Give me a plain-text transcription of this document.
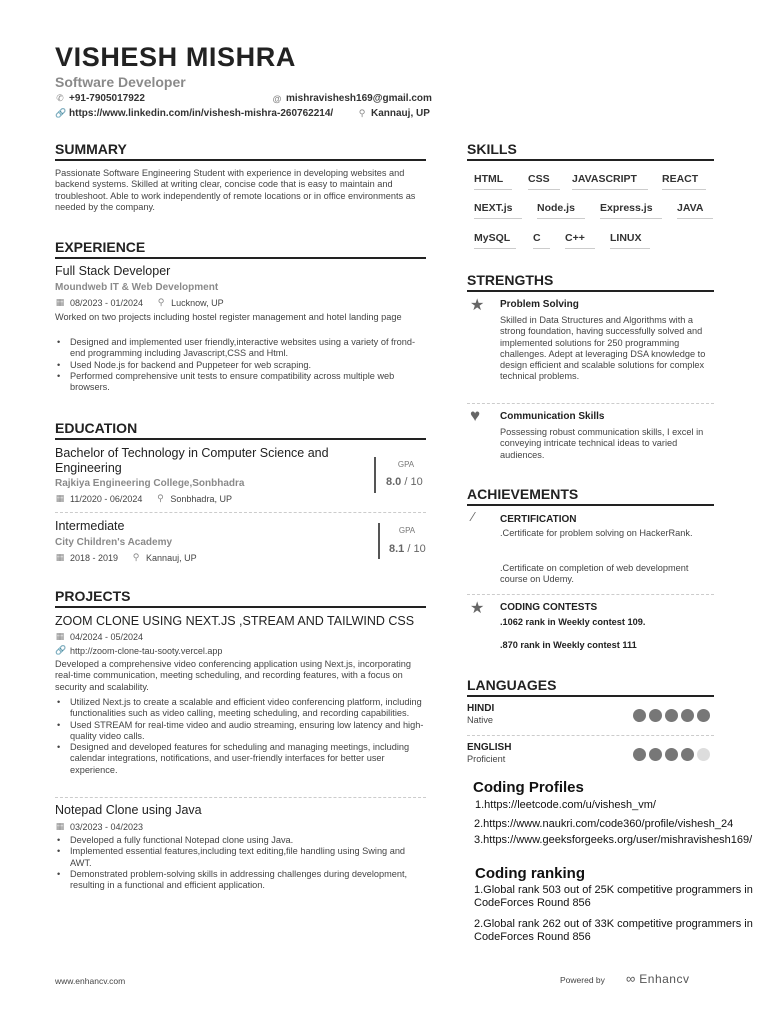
VISHESH MISHRA
Software Developer
✆ +91-7905017922	@ mishravishesh169@gmail.com
🔗 https://www.linkedin.com/in/vishesh-mishra-260762214/	⚲ Kannauj, UP
SUMMARY
Passionate Software Engineering Student with experience in developing websites and backend systems. Skilled at writing clear, concise code that is easy to maintain and troubleshoot. Able to work independently of remote locations or in office environments as needed by the company.
EXPERIENCE
Full Stack Developer
Moundweb IT & Web Development
▦ 08/2023 - 01/2024 ⚲ Lucknow, UP
Worked on two projects including hostel register management and hotel landing page
• Designed and implemented user friendly,interactive websites using a variety of frond-end programming including Javascript,CSS and Html.
• Used Node.js for backend and Puppeteer for web scraping.
• Performed comprehensive unit tests to ensure compatibility across multiple web browsers.
EDUCATION
Bachelor of Technology in Computer Science and Engineering
Rajkiya Engineering College,Sonbhadra
▦ 11/2020 - 06/2024 ⚲ Sonbhadra, UP
GPA
8.0 / 10
Intermediate
City Children's Academy
▦ 2018 - 2019 ⚲ Kannauj, UP
GPA
8.1 / 10
PROJECTS
ZOOM CLONE USING NEXT.JS ,STREAM AND TAILWIND CSS
▦ 04/2024 - 05/2024
🔗 http://zoom-clone-tau-sooty.vercel.app
Developed a comprehensive video conferencing application using Next.js, incorporating real-time communication, meeting scheduling, and recording features, with a focus on security and scalability.
• Utilized Next.js to create a scalable and efficient video conferencing platform, including functionalities such as video calling, meeting scheduling, and recording capabilities.
• Used STREAM for real-time video and audio streaming, ensuring low latency and high-quality video calls.
• Designed and developed features for scheduling and managing meetings, including calendar integrations, notifications, and user-friendly interfaces for better user experience.
Notepad Clone using Java
▦ 03/2023 - 04/2023
• Developed a fully functional Notepad clone using Java.
• Implemented essential features,including text editing,file handling using Swing and AWT.
• Demonstrated problem-solving skills in addressing challenges during development, resulting in a functional and efficient application.
SKILLS
HTML	CSS	JAVASCRIPT	REACT
NEXT.js	Node.js	Express.js	JAVA
MySQL	C	C++	LINUX
STRENGTHS
★ Problem Solving
Skilled in Data Structures and Algorithms with a strong foundation, having successfully solved and implemented solutions for 250 programming challenges. Adept at leveraging DSA knowledge to design efficient and scalable solutions for complex technical problems.
♥ Communication Skills
Possessing robust communication skills, I excel in conveying intricate technical ideas to varied audiences.
ACHIEVEMENTS
⁄	CERTIFICATION
.Certificate for problem solving on HackerRank.
.Certificate on completion of web development course on Udemy.
★ CODING CONTESTS
.1062 rank in Weekly contest 109.
.870 rank in Weekly contest 111
LANGUAGES
HINDI
Native
ENGLISH
Proficient
Coding Profiles
1.https://leetcode.com/u/vishesh_vm/
2.https://www.naukri.com/code360/profile/vishesh_24
3.https://www.geeksforgeeks.org/user/mishravishesh169/
Coding ranking
1.Global rank 503 out of 25K competitive programmers in CodeForces Round 856
2.Global rank 262 out of 33K competitive programmers in CodeForces Round 856
www.enhancv.com	Powered by ∞ Enhancv
